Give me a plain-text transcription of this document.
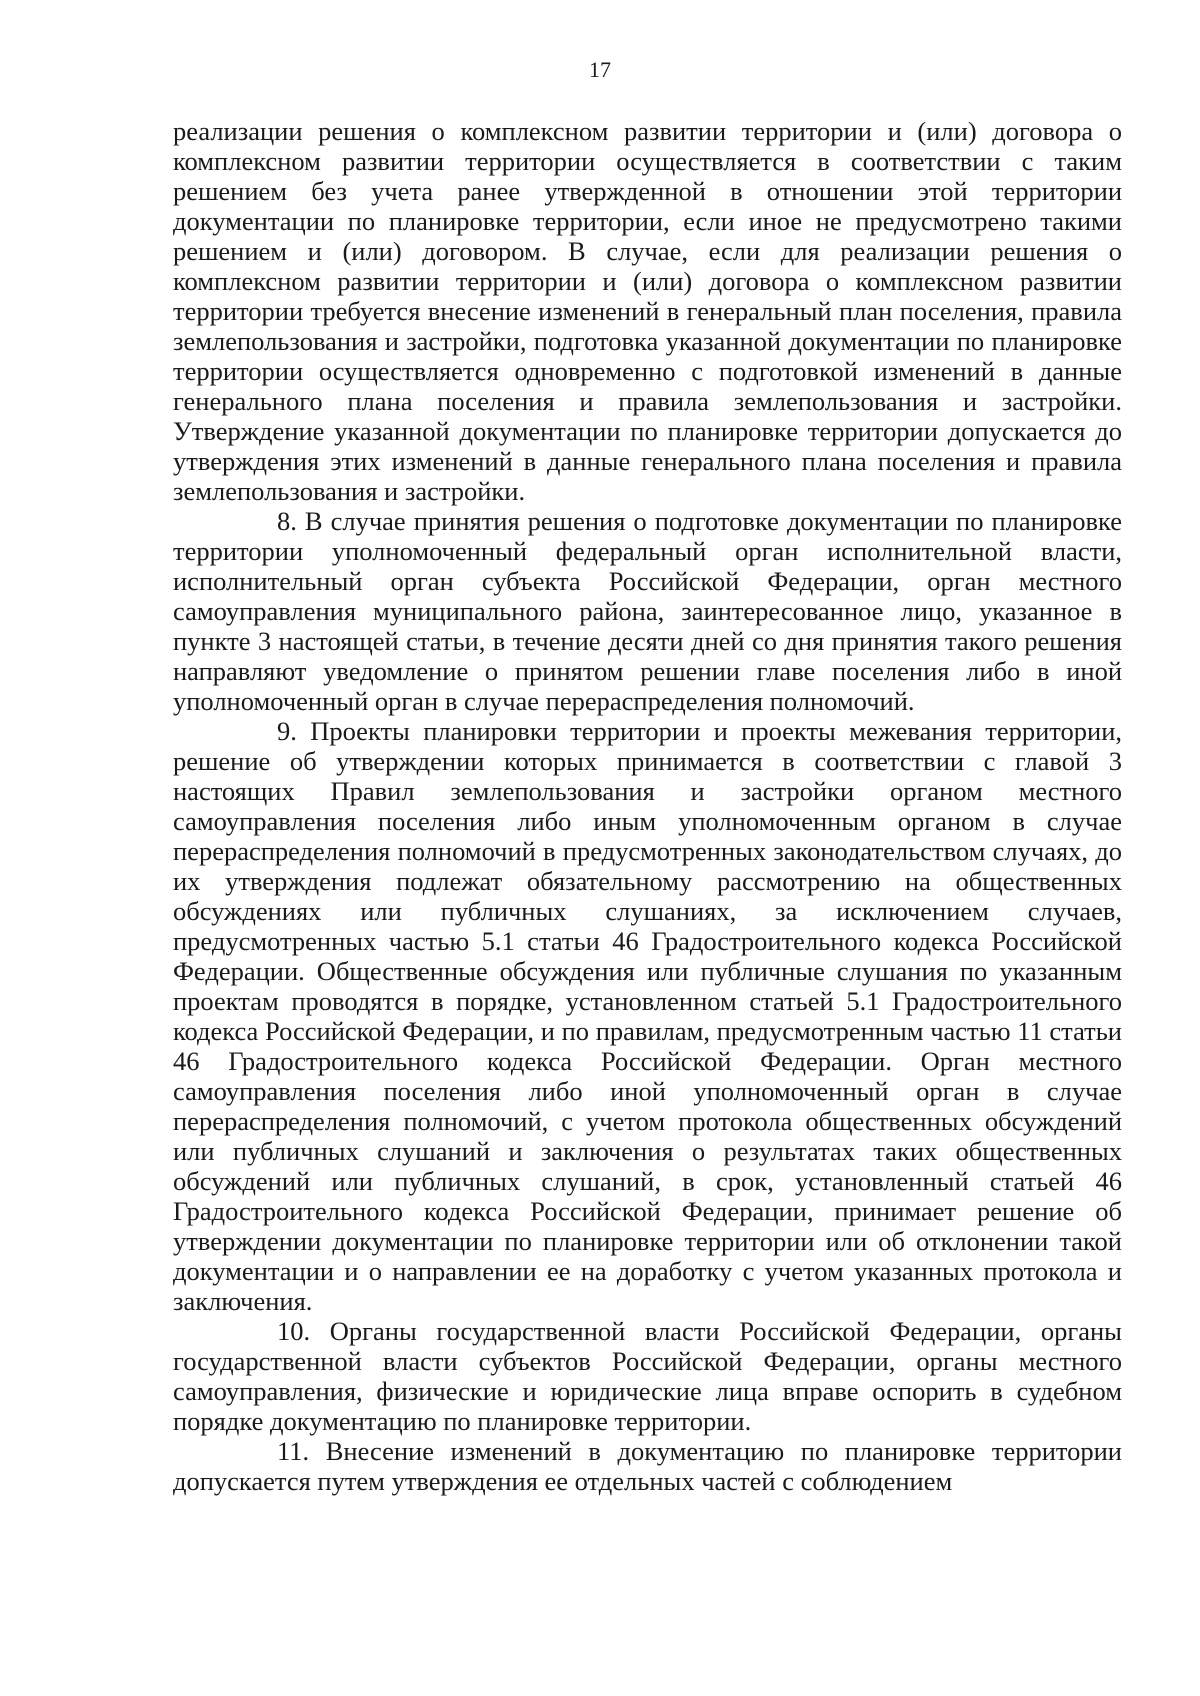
17

реализации решения о комплексном развитии территории и (или) договора о комплексном развитии территории осуществляется в соответствии с таким решением без учета ранее утвержденной в отношении этой территории документации по планировке территории, если иное не предусмотрено такими решением и (или) договором. В случае, если для реализации решения о комплексном развитии территории и (или) договора о комплексном развитии территории требуется внесение изменений в генеральный план поселения, правила землепользования и застройки, подготовка указанной документации по планировке территории осуществляется одновременно с подготовкой изменений в данные генерального плана поселения и правила землепользования и застройки. Утверждение указанной документации по планировке территории допускается до утверждения этих изменений в данные генерального плана поселения и правила землепользования и застройки.

8. В случае принятия решения о подготовке документации по планировке территории уполномоченный федеральный орган исполнительной власти, исполнительный орган субъекта Российской Федерации, орган местного самоуправления муниципального района, заинтересованное лицо, указанное в пункте 3 настоящей статьи, в течение десяти дней со дня принятия такого решения направляют уведомление о принятом решении главе поселения либо в иной уполномоченный орган в случае перераспределения полномочий.

9. Проекты планировки территории и проекты межевания территории, решение об утверждении которых принимается в соответствии с главой 3 настоящих Правил землепользования и застройки органом местного самоуправления поселения либо иным уполномоченным органом в случае перераспределения полномочий в предусмотренных законодательством случаях, до их утверждения подлежат обязательному рассмотрению на общественных обсуждениях или публичных слушаниях, за исключением случаев, предусмотренных частью 5.1 статьи 46 Градостроительного кодекса Российской Федерации. Общественные обсуждения или публичные слушания по указанным проектам проводятся в порядке, установленном статьей 5.1 Градостроительного кодекса Российской Федерации, и по правилам, предусмотренным частью 11 статьи 46 Градостроительного кодекса Российской Федерации. Орган местного самоуправления поселения либо иной уполномоченный орган в случае перераспределения полномочий, с учетом протокола общественных обсуждений или публичных слушаний и заключения о результатах таких общественных обсуждений или публичных слушаний, в срок, установленный статьей 46 Градостроительного кодекса Российской Федерации, принимает решение об утверждении документации по планировке территории или об отклонении такой документации и о направлении ее на доработку с учетом указанных протокола и заключения.

10. Органы государственной власти Российской Федерации, органы государственной власти субъектов Российской Федерации, органы местного самоуправления, физические и юридические лица вправе оспорить в судебном порядке документацию по планировке территории.

11. Внесение изменений в документацию по планировке территории допускается путем утверждения ее отдельных частей с соблюдением
